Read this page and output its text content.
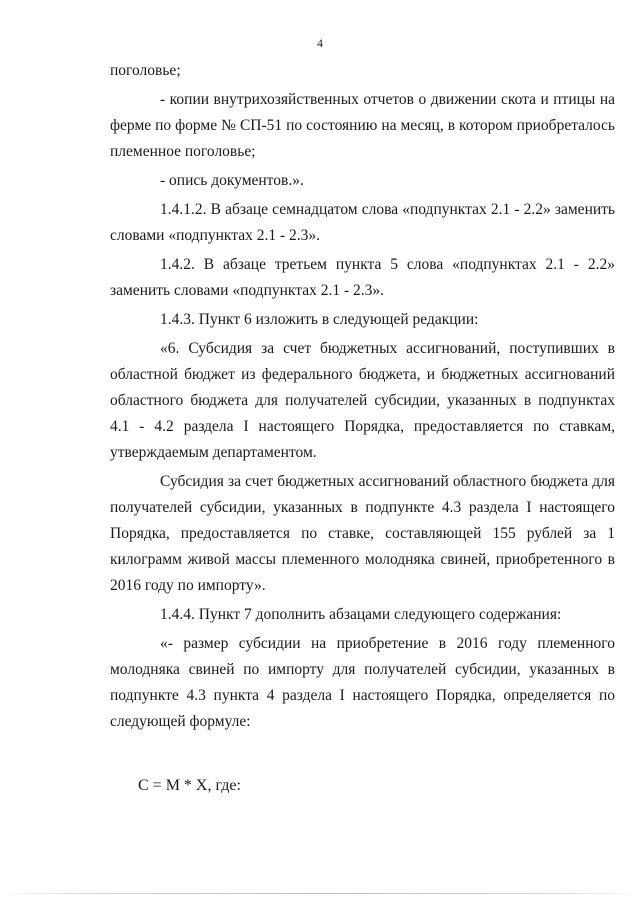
4

поголовье;

- копии внутрихозяйственных отчетов о движении скота и птицы на ферме по форме № СП-51 по состоянию на месяц, в котором приобреталось племенное поголовье;

- опись документов.».

1.4.1.2. В абзаце семнадцатом слова «подпунктах 2.1 - 2.2» заменить словами «подпунктах 2.1 - 2.3».

1.4.2. В абзаце третьем пункта 5 слова «подпунктах 2.1 - 2.2» заменить словами «подпунктах 2.1 - 2.3».

1.4.3. Пункт 6 изложить в следующей редакции:

«6. Субсидия за счет бюджетных ассигнований, поступивших в областной бюджет из федерального бюджета, и бюджетных ассигнований областного бюджета для получателей субсидии, указанных в подпунктах 4.1 - 4.2 раздела I настоящего Порядка, предоставляется по ставкам, утверждаемым департаментом.

Субсидия за счет бюджетных ассигнований областного бюджета для получателей субсидии, указанных в подпункте 4.3 раздела I настоящего Порядка, предоставляется по ставке, составляющей 155 рублей за 1 килограмм живой массы племенного молодняка свиней, приобретенного в 2016 году по импорту».

1.4.4. Пункт 7 дополнить абзацами следующего содержания:

«- размер субсидии на приобретение в 2016 году племенного молодняка свиней по импорту для получателей субсидии, указанных в подпункте 4.3 пункта 4 раздела I настоящего Порядка, определяется по следующей формуле:

С = М * Х, где:
